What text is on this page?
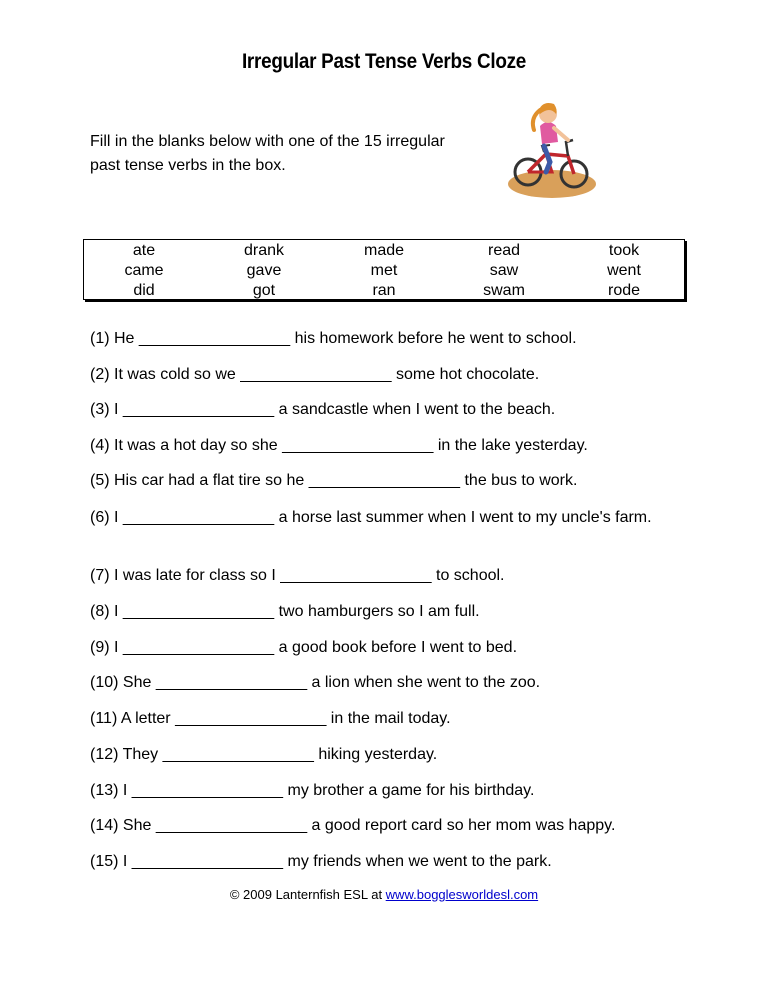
Irregular Past Tense Verbs Cloze
Fill in the blanks below with one of the 15 irregular past tense verbs in the box.
ate
came
did
drank
gave
got
made
met
ran
read
saw
swam
took
went
rode
(1) He _________________ his homework before he went to school.
(2) It was cold so we _________________ some hot chocolate.
(3) I _________________ a sandcastle when I went to the beach.
(4) It was a hot day so she _________________ in the lake yesterday.
(5) His car had a flat tire so he _________________ the bus to work.
(6) I _________________ a horse last summer when I went to my uncle's farm.
(7) I was late for class so I _________________ to school.
(8) I _________________ two hamburgers so I am full.
(9) I _________________ a good book before I went to bed.
(10) She _________________ a lion when she went to the zoo.
(11) A letter _________________ in the mail today.
(12) They _________________ hiking yesterday.
(13) I _________________ my brother a game for his birthday.
(14) She _________________ a good report card so her mom was happy.
(15) I _________________ my friends when we went to the park.
© 2009 Lanternfish ESL at www.bogglesworldesl.com
